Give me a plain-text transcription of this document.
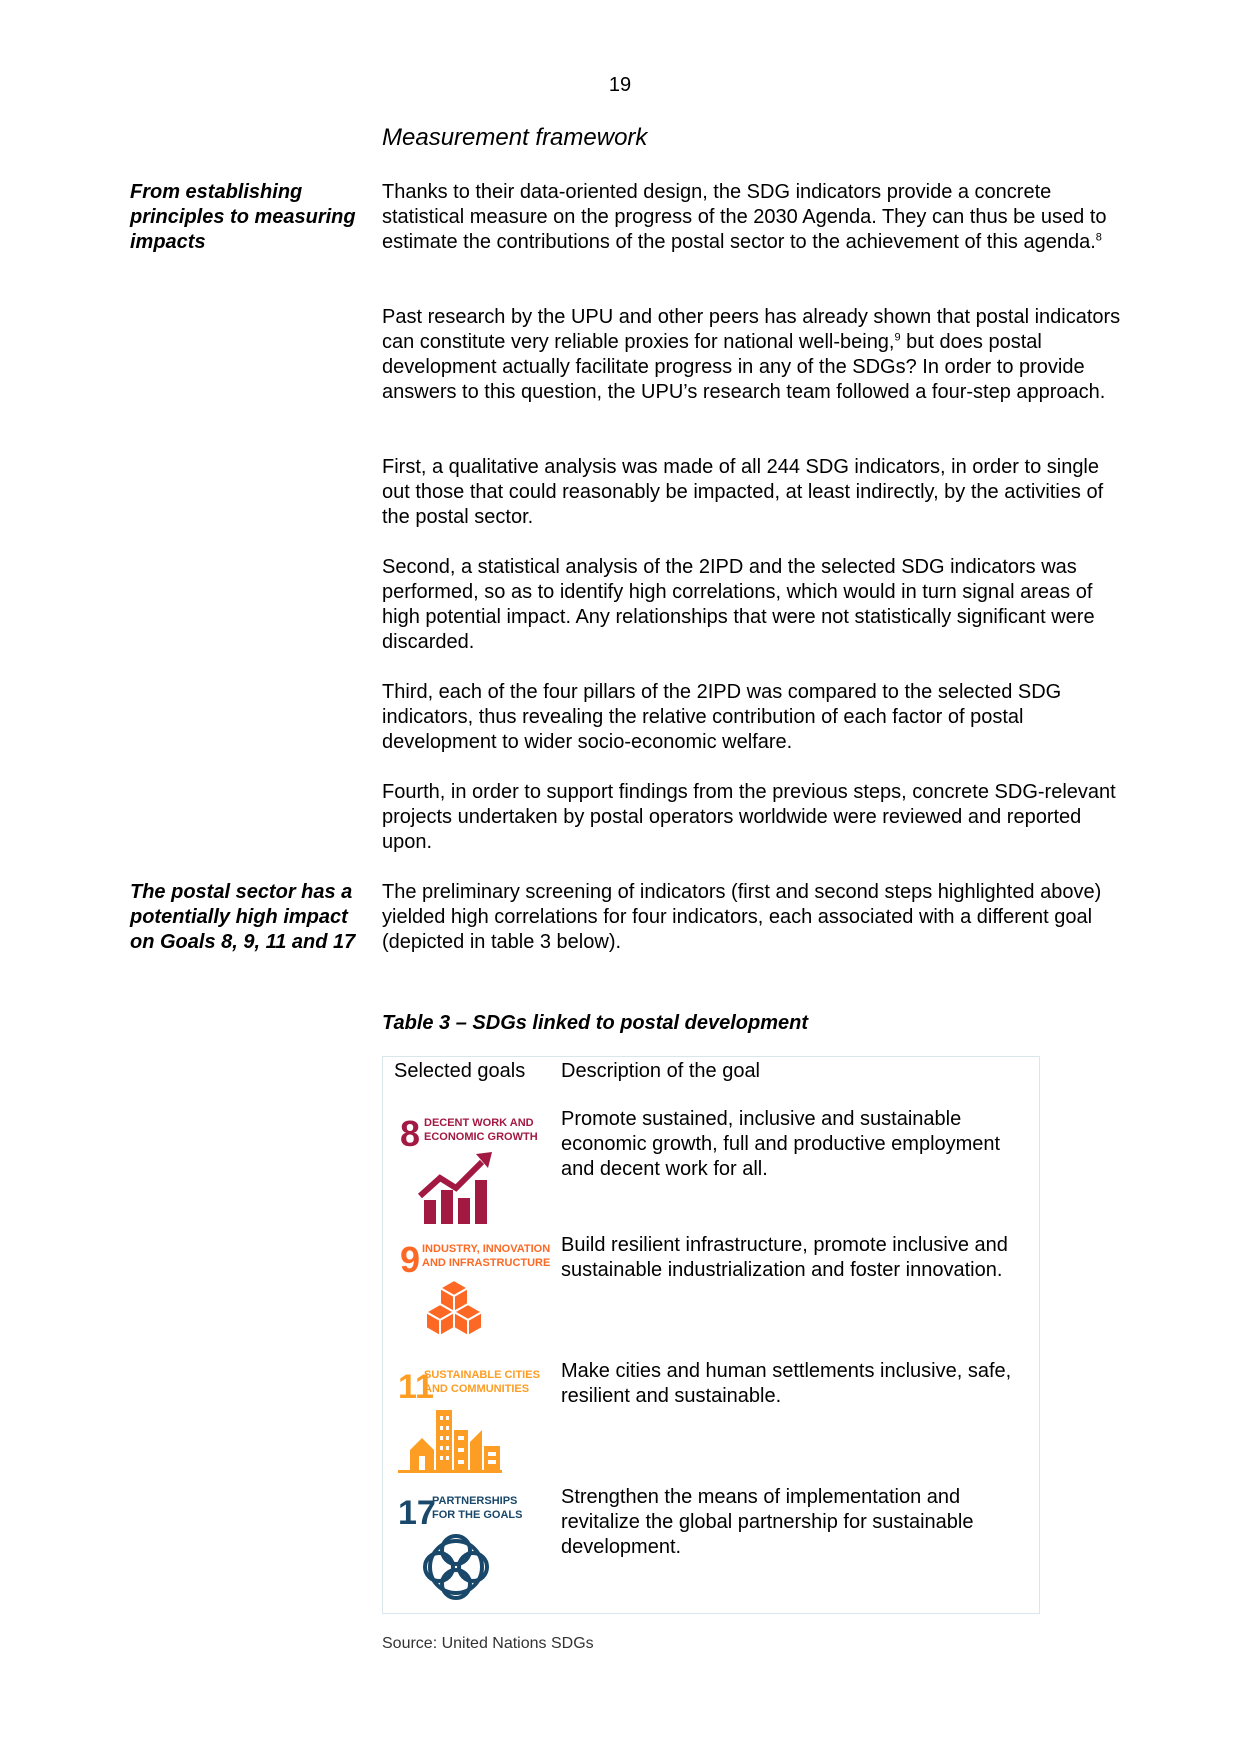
19
Measurement framework

From establishing principles to measuring impacts

The postal sector has a potentially high impact on Goals 8, 9, 11 and 17

Thanks to their data-oriented design, the SDG indicators provide a concrete statistical measure on the progress of the 2030 Agenda. They can thus be used to estimate the contributions of the postal sector to the achievement of this agenda.$^8$

Past research by the UPU and other peers has already shown that postal indicators can constitute very reliable proxies for national well-being,$^9$ but does postal development actually facilitate progress in any of the SDGs? In order to provide answers to this question, the UPU’s research team followed a four-step approach.

First, a qualitative analysis was made of all 244 SDG indicators, in order to single out those that could reasonably be impacted, at least indirectly, by the activities of the postal sector.

Second, a statistical analysis of the 2IPD and the selected SDG indicators was performed, so as to identify high correlations, which would in turn signal areas of high potential impact. Any relationships that were not statistically significant were discarded.

Third, each of the four pillars of the 2IPD was compared to the selected SDG indicators, thus revealing the relative contribution of each factor of postal development to wider socio-economic welfare.

Fourth, in order to support findings from the previous steps, concrete SDG-relevant projects undertaken by postal operators worldwide were reviewed and reported upon.

The preliminary screening of indicators (first and second steps highlighted above) yielded high correlations for four indicators, each associated with a different goal (depicted in table 3 below).

Table 3 – SDGs linked to postal development

Selected goals Description of the goal
8 DECENT WORK AND
ECONOMIC GROWTH

Promote sustained, inclusive and sustainable economic growth, full and productive employment and decent work for all.

9 INDUSTRY, INNOVATION
AND INFRASTRUCTURE

Build resilient infrastructure, promote inclusive and sustainable industrialization and foster innovation.

11
SUSTAINABLE CITIES
AND COMMUNITIES

Make cities and human settlements inclusive, safe, resilient and sustainable.

17
PARTNERSHIPS
FOR THE GOALS

Strengthen the means of implementation and revitalize the global partnership for sustainable development.

Source: United Nations SDGs
